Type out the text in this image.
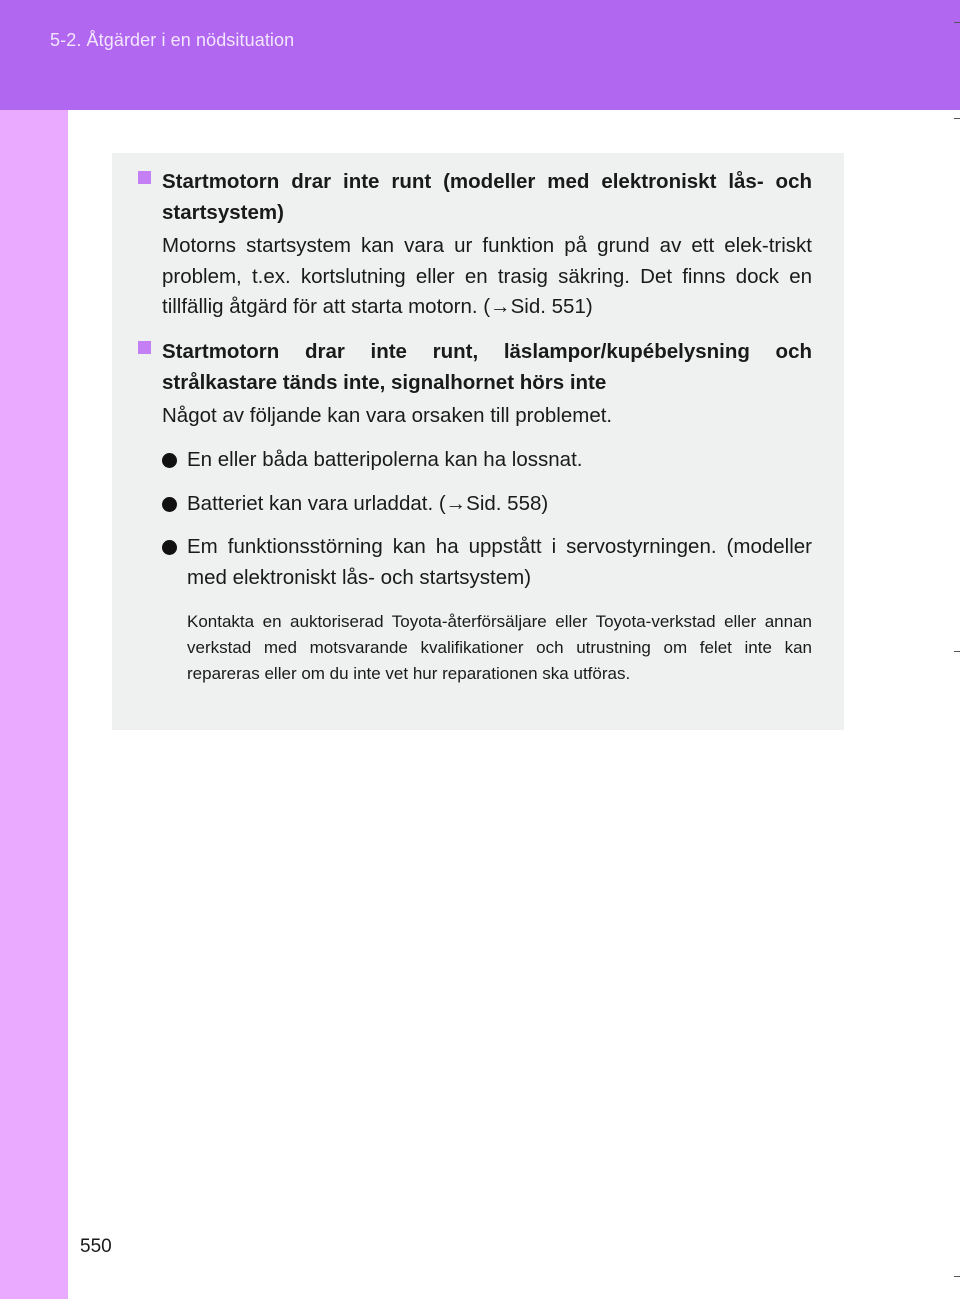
5-2. Åtgärder i en nödsituation

Startmotorn drar inte runt (modeller med elektroniskt lås- och startsystem)

Motorns startsystem kan vara ur funktion på grund av ett elek-triskt problem, t.ex. kortslutning eller en trasig säkring. Det finns dock en tillfällig åtgärd för att starta motorn. (→Sid. 551)

Startmotorn drar inte runt, läslampor/kupébelysning och strålkastare tänds inte, signalhornet hörs inte

Något av följande kan vara orsaken till problemet.

En eller båda batteripolerna kan ha lossnat.
Batteriet kan vara urladdat. (→Sid. 558)
Em funktionsstörning kan ha uppstått i servostyrningen. (modeller med elektroniskt lås- och startsystem)

Kontakta en auktoriserad Toyota-återförsäljare eller Toyota-verkstad eller annan verkstad med motsvarande kvalifikationer och utrustning om felet inte kan repareras eller om du inte vet hur reparationen ska utföras.

550
